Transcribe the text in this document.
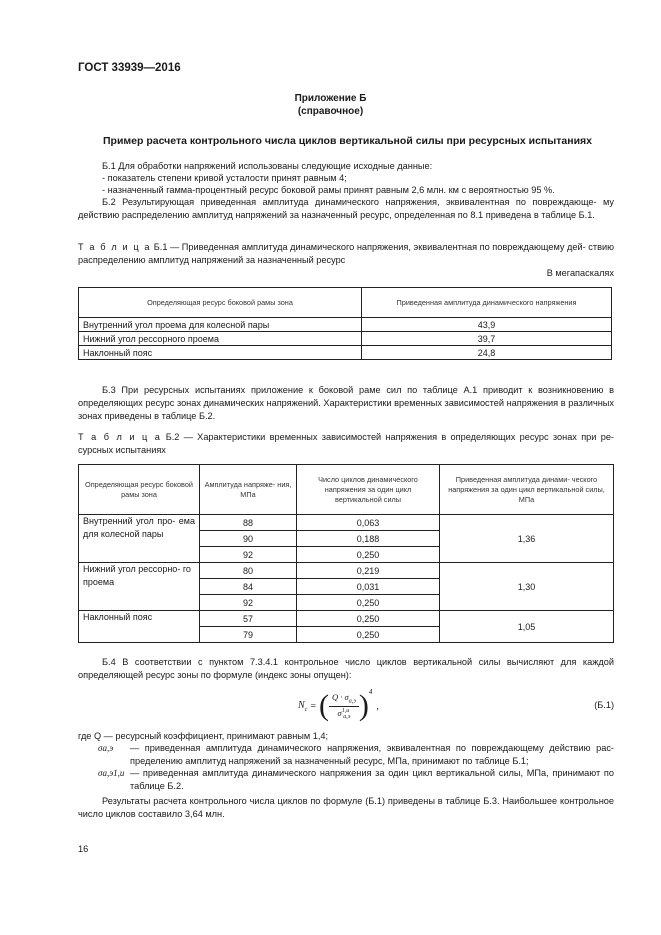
ГОСТ 33939—2016
Приложение Б
(справочное)
Пример расчета контрольного числа циклов вертикальной силы при ресурсных испытаниях
Б.1 Для обработки напряжений использованы следующие исходные данные:
- показатель степени кривой усталости принят равным 4;
- назначенный гамма-процентный ресурс боковой рамы принят равным 2,6 млн. км с вероятностью 95 %.
Б.2 Результирующая приведенная амплитуда динамического напряжения, эквивалентная по повреждающе- му действию распределению амплитуд напряжений за назначенный ресурс, определенная по 8.1 приведена в таблице Б.1.
Т а б л и ц а Б.1 — Приведенная амплитуда динамического напряжения, эквивалентная по повреждающему дей- ствию распределению амплитуд напряжений за назначенный ресурс
В мегапаскалях
Определяющая ресурс боковой рамы зона	Приведенная амплитуда динамического напряжения
Внутренний угол проема для колесной пары	43,9
Нижний угол рессорного проема	39,7
Наклонный пояс	24,8
Б.3 При ресурсных испытаниях приложение к боковой раме сил по таблице А.1 приводит к возникновению в определяющих ресурс зонах динамических напряжений. Характеристики временных зависимостей напряжения в различных зонах приведены в таблице Б.2.
Т а б л и ц а Б.2 — Характеристики временных зависимостей напряжения в определяющих ресурс зонах при ре- сурсных испытаниях
Определяющая ресурс боковой рамы зона	Амплитуда напряже- ния, МПа	Число циклов динамического напряжения за один цикл вертикальной силы	Приведенная амплитуда динами- ческого напряжения за один цикл вертикальной силы, МПа
Внутренний угол про- ема для колесной пары	88	0,063	1,36
	90	0,188	
	92	0,250	
Нижний угол рессорно- го проема	80	0,219	1,30
	84	0,031	
	92	0,250	
Наклонный пояс	57	0,250	1,05
	79	0,250	
Б.4 В соответствии с пунктом 7.3.4.1 контрольное число циклов вертикальной силы вычисляют для каждой определяющей ресурс зоны по формуле (индекс зоны опущен):
$N_c$ = ( $\frac{Q \cdot \sigma_{a,э}}{\sigma^{1,и}_{a,э}} )^4$
,	(Б.1)
где Q — ресурсный коэффициент, принимают равным 1,4;
σa,э — приведенная амплитуда динамического напряжения, эквивалентная по повреждающему действию рас- пределению амплитуд напряжений за назначенный ресурс, МПа, принимают по таблице Б.1;
σa,э1,и — приведенная амплитуда динамического напряжения за один цикл вертикальной силы, МПа, принимают по таблице Б.2.
Результаты расчета контрольного числа циклов по формуле (Б.1) приведены в таблице Б.3. Наибольшее контрольное число циклов составило 3,64 млн.
16
